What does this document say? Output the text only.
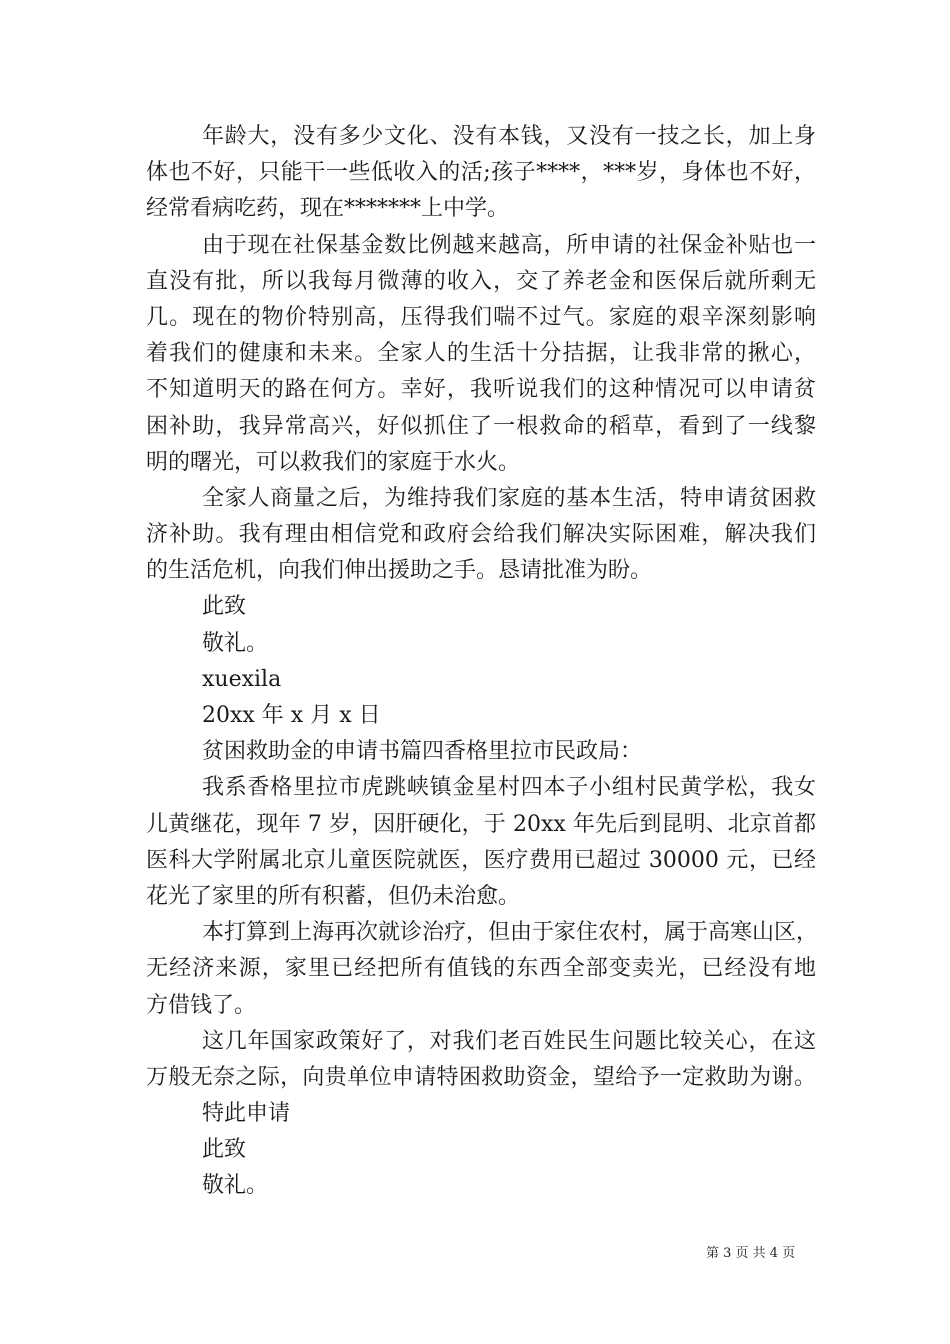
年龄大，没有多少文化、没有本钱，又没有一技之长，加上身
体也不好，只能干一些低收入的活;孩子****，***岁，身体也不好，
经常看病吃药，现在*******上中学。
由于现在社保基金数比例越来越高，所申请的社保金补贴也一
直没有批，所以我每月微薄的收入，交了养老金和医保后就所剩无
几。现在的物价特别高，压得我们喘不过气。家庭的艰辛深刻影响
着我们的健康和未来。全家人的生活十分拮据，让我非常的揪心，
不知道明天的路在何方。幸好，我听说我们的这种情况可以申请贫
困补助，我异常高兴，好似抓住了一根救命的稻草，看到了一线黎
明的曙光，可以救我们的家庭于水火。
全家人商量之后，为维持我们家庭的基本生活，特申请贫困救
济补助。我有理由相信党和政府会给我们解决实际困难，解决我们
的生活危机，向我们伸出援助之手。恳请批准为盼。
此致
敬礼。
xuexila
20xx 年 x 月 x 日
贫困救助金的申请书篇四香格里拉市民政局：
我系香格里拉市虎跳峡镇金星村四本子小组村民黄学松，我女
儿黄继花，现年 7 岁，因肝硬化，于 20xx 年先后到昆明、北京首都
医科大学附属北京儿童医院就医，医疗费用已超过 30000 元，已经
花光了家里的所有积蓄，但仍未治愈。
本打算到上海再次就诊治疗，但由于家住农村，属于高寒山区，
无经济来源，家里已经把所有值钱的东西全部变卖光，已经没有地
方借钱了。
这几年国家政策好了，对我们老百姓民生问题比较关心，在这
万般无奈之际，向贵单位申请特困救助资金，望给予一定救助为谢。
特此申请
此致
敬礼。
第 3 页 共 4 页
